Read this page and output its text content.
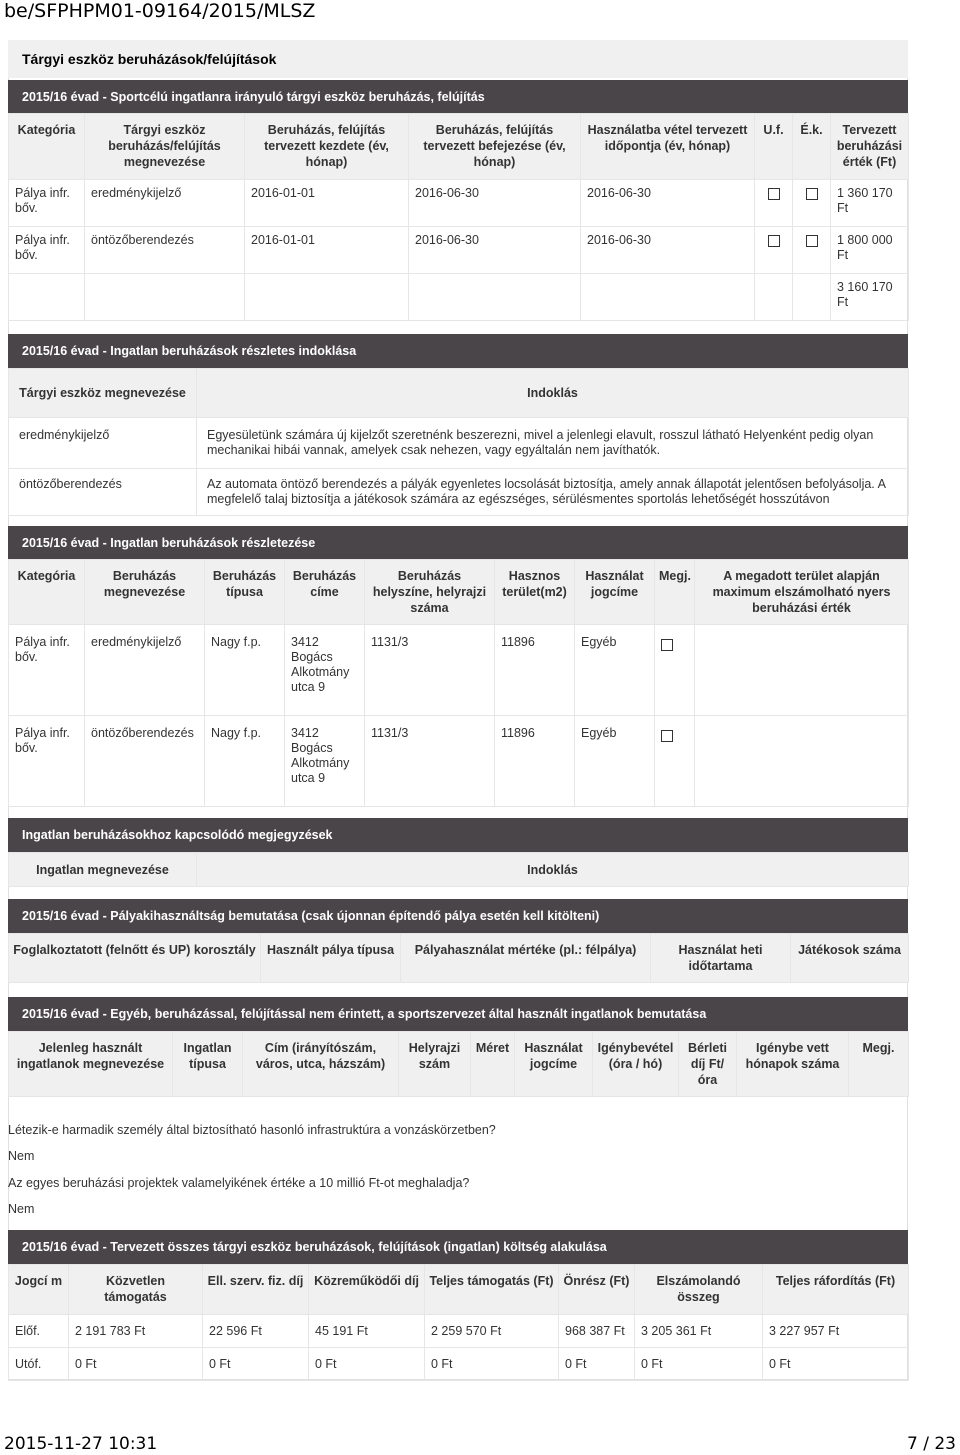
be/SFPHPM01-09164/2015/MLSZ
Tárgyi eszköz beruházások/felújítások
2015/16 évad - Sportcélú ingatlanra irányuló tárgyi eszköz beruházás, felújítás
Kategória	Tárgyi eszköz beruházás/felújítás megnevezése	Beruházás, felújítás tervezett kezdete (év, hónap)	Beruházás, felújítás tervezett befejezése (év, hónap)	Használatba vétel tervezett időpontja (év, hónap)	U.f.	É.k.	Tervezett beruházási érték (Ft)
Pálya infr. bőv.	eredménykijelző	2016-01-01	2016-06-30	2016-06-30			1 360 170 Ft
Pálya infr. bőv.	öntözőberendezés	2016-01-01	2016-06-30	2016-06-30			1 800 000 Ft
							3 160 170 Ft
2015/16 évad - Ingatlan beruházások részletes indoklása
Tárgyi eszköz megnevezése	Indoklás
eredménykijelző	Egyesületünk számára új kijelzőt szeretnénk beszerezni, mivel a jelenlegi elavult, rosszul látható Helyenként pedig olyan mechanikai hibái vannak, amelyek csak nehezen, vagy egyáltalán nem javíthatók.
öntözőberendezés	Az automata öntöző berendezés a pályák egyenletes locsolását biztosítja, amely annak állapotát jelentősen befolyásolja. A megfelelő talaj biztosítja a játékosok számára az egészséges, sérülésmentes sportolás lehetőségét hosszútávon
2015/16 évad - Ingatlan beruházások részletezése
Kategória	Beruházás megnevezése	Beruházás típusa	Beruházás címe	Beruházás helyszíne, helyrajzi száma	Hasznos terület(m2)	Használat jogcíme	Megj.	A megadott terület alapján maximum elszámolható nyers beruházási érték
Pálya infr. bőv.	eredménykijelző	Nagy f.p.	3412 Bogács Alkotmány utca 9	1131/3	11896	Egyéb		
Pálya infr. bőv.	öntözőberendezés	Nagy f.p.	3412 Bogács Alkotmány utca 9	1131/3	11896	Egyéb		
Ingatlan beruházásokhoz kapcsolódó megjegyzések
Ingatlan megnevezése	Indoklás
2015/16 évad - Pályakihasználtság bemutatása (csak újonnan építendő pálya esetén kell kitölteni)
Foglalkoztatott (felnőtt és UP) korosztály	Használt pálya típusa	Pályahasználat mértéke (pl.: félpálya)	Használat heti időtartama	Játékosok száma
2015/16 évad - Egyéb, beruházással, felújítással nem érintett, a sportszervezet által használt ingatlanok bemutatása
Jelenleg használt ingatlanok megnevezése	Ingatlan típusa	Cím (irányítószám, város, utca, házszám)	Helyrajzi szám	Méret	Használat jogcíme	Igénybevétel (óra / hó)	Bérleti díj Ft/óra	Igénybe vett hónapok száma	Megj.
Létezik-e harmadik személy által biztosítható hasonló infrastruktúra a vonzáskörzetben?
Nem
Az egyes beruházási projektek valamelyikének értéke a 10 millió Ft-ot meghaladja?
Nem
2015/16 évad - Tervezett összes tárgyi eszköz beruházások, felújítások (ingatlan) költség alakulása
Jogcí m	Közvetlen támogatás	Ell. szerv. fiz. díj	Közreműködői díj	Teljes támogatás (Ft)	Önrész (Ft)	Elszámolandó összeg	Teljes ráfordítás (Ft)
Előf.	2 191 783 Ft	22 596 Ft	45 191 Ft	2 259 570 Ft	968 387 Ft	3 205 361 Ft	3 227 957 Ft
Utóf.	0 Ft	0 Ft	0 Ft	0 Ft	0 Ft	0 Ft	0 Ft
2015-11-27 10:31	7 / 23
